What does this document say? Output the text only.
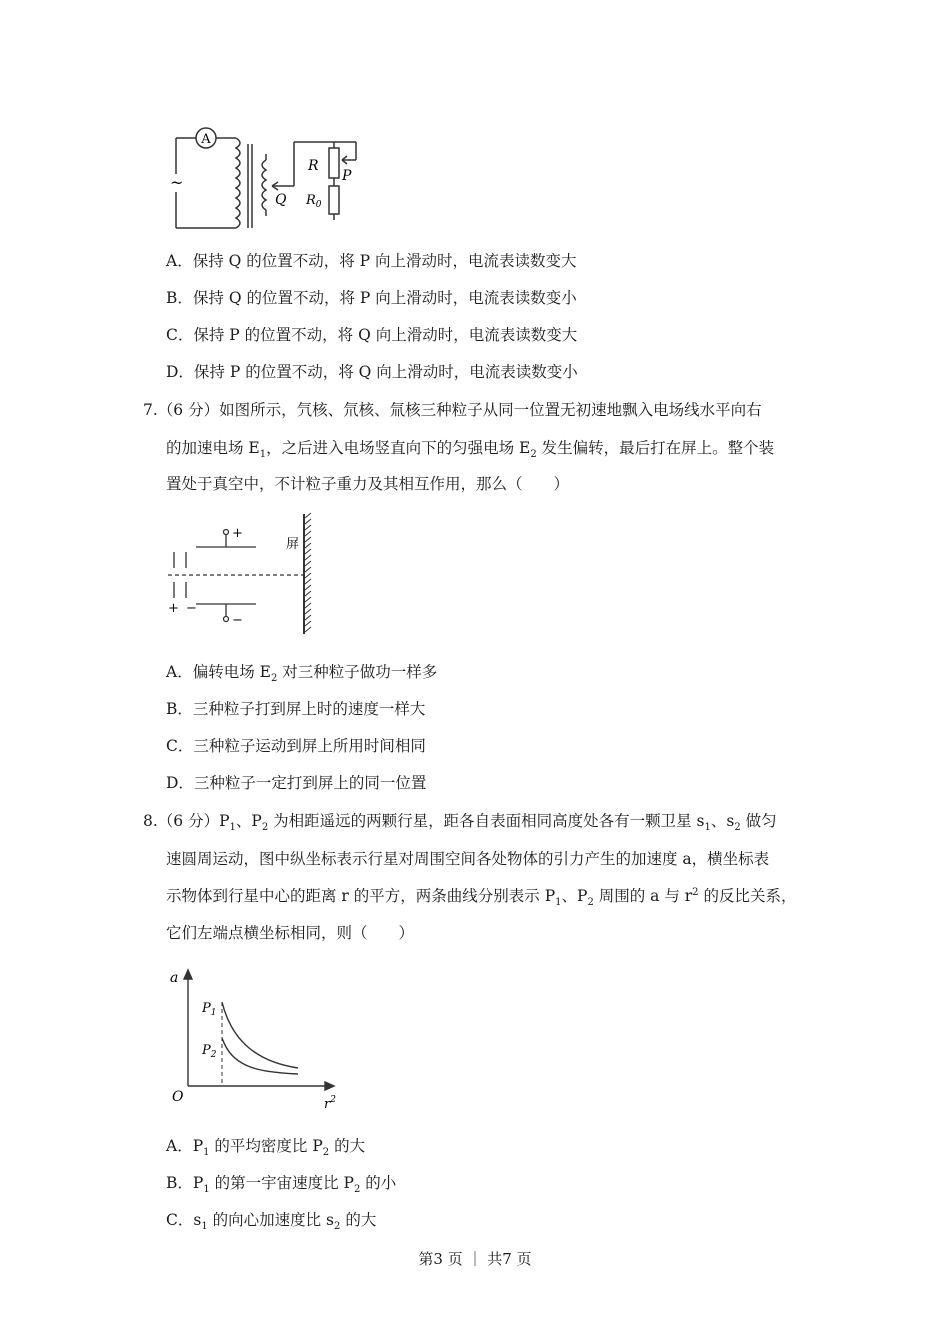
A
~
R
P
Q $R_0$
A．保持 Q 的位置不动，将 P 向上滑动时，电流表读数变大
B．保持 Q 的位置不动，将 P 向上滑动时，电流表读数变小
C．保持 P 的位置不动，将 Q 向上滑动时，电流表读数变大
D．保持 P 的位置不动，将 Q 向上滑动时，电流表读数变小
7.（6 分）如图所示，氕核、氘核、氚核三种粒子从同一位置无初速地飘入电场线水平向右
的加速电场 $E_1$，之后进入电场竖直向下的匀强电场 $E_2$ 发生偏转，最后打在屏上。整个装
置处于真空中，不计粒子重力及其相互作用，那么（　　）
+
−
+ −
屏
A．偏转电场 $E_2$ 对三种粒子做功一样多
B．三种粒子打到屏上时的速度一样大
C．三种粒子运动到屏上所用时间相同
D．三种粒子一定打到屏上的同一位置
8.（6 分）$P_1$、$P_2$ 为相距遥远的两颗行星，距各自表面相同高度处各有一颗卫星 $s_1$、$s_2$ 做匀
速圆周运动，图中纵坐标表示行星对周围空间各处物体的引力产生的加速度 a，横坐标表
示物体到行星中心的距离 r 的平方，两条曲线分别表示 $P_1$、$P_2$ 周围的 a 与 $r^2$ 的反比关系，
它们左端点横坐标相同，则（　　）
a
O	$r^2$
$P_1$
$P_2$
A．$P_1$ 的平均密度比 $P_2$ 的大
B．$P_1$ 的第一宇宙速度比 $P_2$ 的小
C．$s_1$ 的向心加速度比 $s_2$ 的大
第3 页 ｜ 共7 页
